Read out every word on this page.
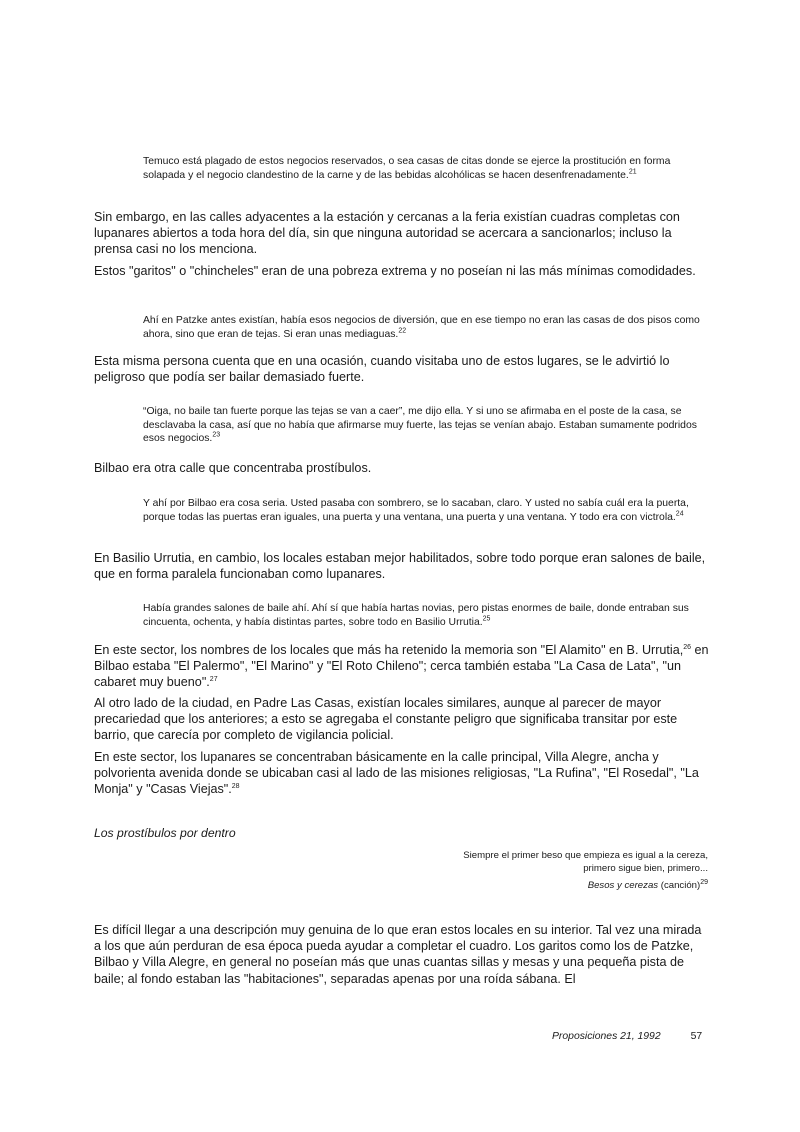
Temuco está plagado de estos negocios reservados, o sea casas de citas donde se ejerce la prostitución en forma solapada y el negocio clandestino de la carne y de las bebidas alcohólicas se hacen desenfrenadamente.$^{21}$

Sin embargo, en las calles adyacentes a la estación y cercanas a la feria existían cuadras completas con lupanares abiertos a toda hora del día, sin que ninguna autoridad se acercara a sancionarlos; incluso la prensa casi no los menciona.

Estos "garitos" o "chincheles" eran de una pobreza extrema y no poseían ni las más mínimas comodidades.

Ahí en Patzke antes existían, había esos negocios de diversión, que en ese tiempo no eran las casas de dos pisos como ahora, sino que eran de tejas. Si eran unas mediaguas.$^{22}$

Esta misma persona cuenta que en una ocasión, cuando visitaba uno de estos lugares, se le advirtió lo peligroso que podía ser bailar demasiado fuerte.

“Oiga, no baile tan fuerte porque las tejas se van a caer”, me dijo ella. Y si uno se afirmaba en el poste de la casa, se desclavaba la casa, así que no había que afirmarse muy fuerte, las tejas se venían abajo. Estaban sumamente podridos esos negocios.$^{23}$

Bilbao era otra calle que concentraba prostíbulos.

Y ahí por Bilbao era cosa seria. Usted pasaba con sombrero, se lo sacaban, claro. Y usted no sabía cuál era la puerta, porque todas las puertas eran iguales, una puerta y una ventana, una puerta y una ventana. Y todo era con victrola.$^{24}$

En Basilio Urrutia, en cambio, los locales estaban mejor habilitados, sobre todo porque eran salones de baile, que en forma paralela funcionaban como lupanares.

Había grandes salones de baile ahí. Ahí sí que había hartas novias, pero pistas enormes de baile, donde entraban sus cincuenta, ochenta, y había distintas partes, sobre todo en Basilio Urrutia.$^{25}$

En este sector, los nombres de los locales que más ha retenido la memoria son "El Alamito" en B. Urrutia,$^{26}$ en Bilbao estaba "El Palermo", "El Marino" y "El Roto Chileno"; cerca también estaba "La Casa de Lata", "un cabaret muy bueno".$^{27}$

Al otro lado de la ciudad, en Padre Las Casas, existían locales similares, aunque al parecer de mayor precariedad que los anteriores; a esto se agregaba el constante peligro que significaba transitar por este barrio, que carecía por completo de vigilancia policial.

En este sector, los lupanares se concentraban básicamente en la calle principal, Villa Alegre, ancha y polvorienta avenida donde se ubicaban casi al lado de las misiones religiosas, "La Rufina", "El Rosedal", "La Monja" y "Casas Viejas".$^{28}$

Los prostíbulos por dentro
Siempre el primer beso que empieza es igual a la cereza,
primero sigue bien, primero...
Besos y cerezas (canción)$^{29}$

Es difícil llegar a una descripción muy genuina de lo que eran estos locales en su interior. Tal vez una mirada a los que aún perduran de esa época pueda ayudar a completar el cuadro. Los garitos como los de Patzke, Bilbao y Villa Alegre, en general no poseían más que unas cuantas sillas y mesas y una pequeña pista de baile; al fondo estaban las "habitaciones", separadas apenas por una roída sábana. El

Proposiciones 21, 1992	57
